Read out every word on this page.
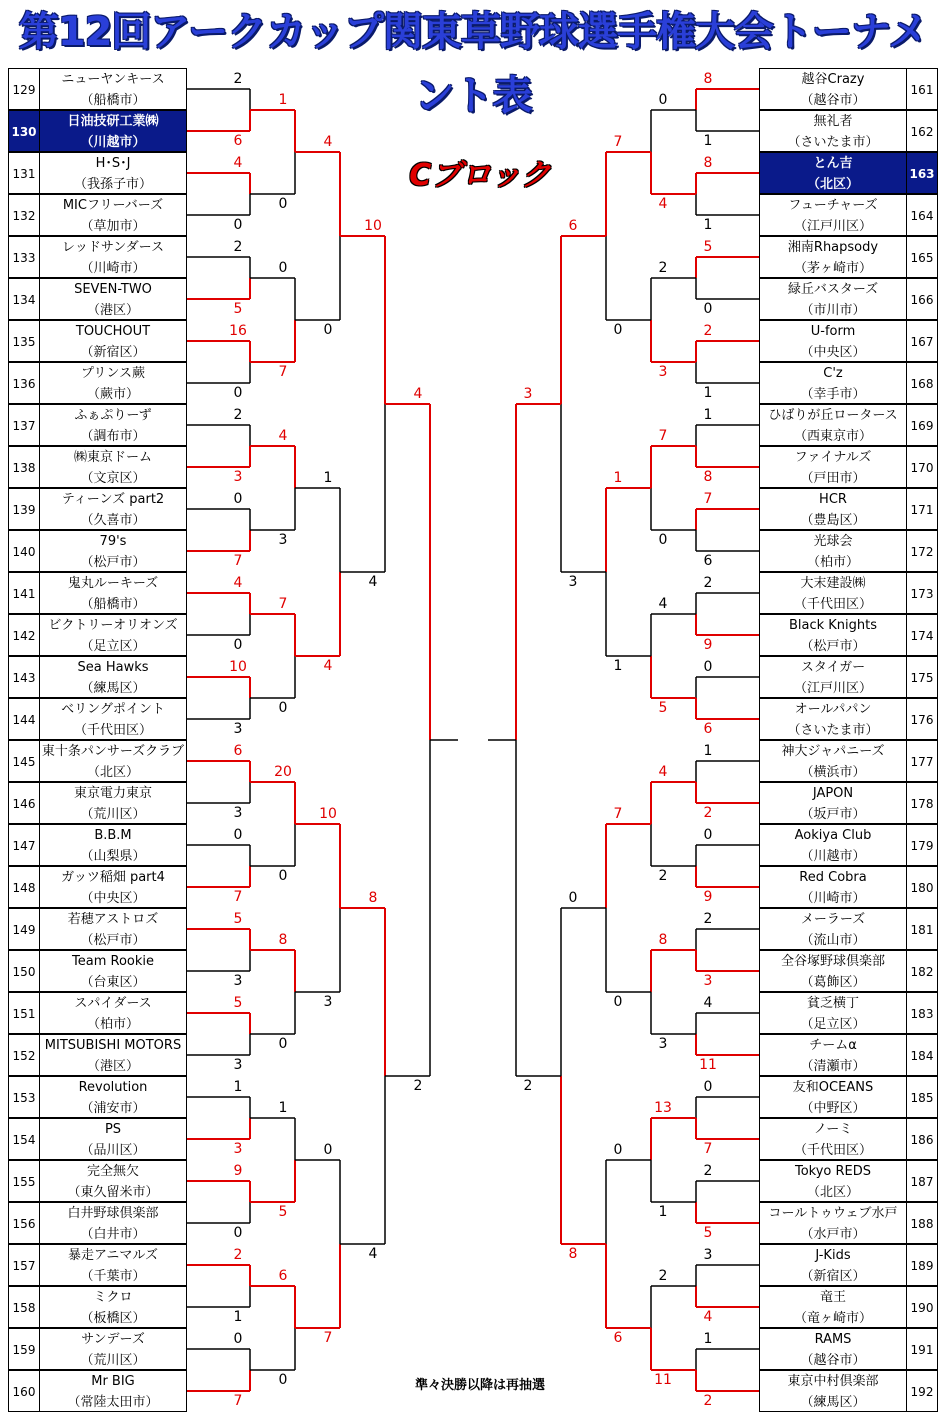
第12回アークカップ関東草野球選手権大会トーナメント表
Cブロック
ニューヤンキース
（船橋市）
129
日油技研工業㈱
（川越市）
130
H･S･J
（我孫子市）
131
MICフリーバーズ
（草加市）
132
レッドサンダース
（川崎市）
133
SEVEN-TWO
（港区）
134
TOUCHOUT
（新宿区）
135
プリンス蕨
（蕨市）
136
ふぁぷりーず
（調布市）
137
㈱東京ドーム
（文京区）
138
ティーンズ part2
（久喜市）
139
79's
（松戸市）
140
鬼丸ルーキーズ
（船橋市）
141
ビクトリーオリオンズ
（足立区）
142
Sea Hawks
（練馬区）
143
ベリングポイント
（千代田区）
144
東十条パンサーズクラブ
（北区）
145
東京電力東京
（荒川区）
146
B.B.M
（山梨県）
147
ガッツ稲畑 part4
（中央区）
148
若穂アストロズ
（松戸市）
149
Team Rookie
（台東区）
150
スパイダース
（柏市）
151
MITSUBISHI MOTORS
（港区）
152
Revolution
（浦安市）
153
PS
（品川区）
154
完全無欠
（東久留米市）
155
白井野球倶楽部
（白井市）
156
暴走アニマルズ
（千葉市）
157
ミクロ
（板橋区）
158
サンデーズ
（荒川区）
159
Mr BIG
（常陸太田市）
160
越谷Crazy
（越谷市）
161
無礼者
（さいたま市）
162
とん吉
（北区）
163
フューチャーズ
（江戸川区）
164
湘南Rhapsody
（茅ヶ崎市）
165
緑丘バスターズ
（市川市）
166
U-form
（中央区）
167
C'z
（幸手市）
168
ひばりが丘ロータース
（西東京市）
169
ファイナルズ
（戸田市）
170
HCR
（豊島区）
171
光球会
（柏市）
172
大末建設㈱
（千代田区）
173
Black Knights
（松戸市）
174
スタイガー
（江戸川区）
175
オールパパン
（さいたま市）
176
神大ジャパニーズ
（横浜市）
177
JAPON
（坂戸市）
178
Aokiya Club
（川越市）
179
Red Cobra
（川崎市）
180
メーラーズ
（流山市）
181
全谷塚野球倶楽部
（葛飾区）
182
貧乏横丁
（足立区）
183
チームα
（清瀬市）
184
友和OCEANS
（中野区）
185
ノーミ
（千代田区）
186
Tokyo REDS
（北区）
187
コールトゥウェブ水戸
（水戸市）
188
J-Kids
（新宿区）
189
竜王
（竜ヶ崎市）
190
RAMS
（越谷市）
191
東京中村倶楽部
（練馬区）
192
2
6
4
0
2
5
16
0
2
3
0
7
4
0
10
3
6
3
0
7
5
3
5
3
1
3
9
0
2
1
0
7
1
0
0
7
4
3
7
0
20
0
8
0
1
5
6
0
4
0
1
4
10
3
0
7
10
4
8
4
4
2
8
1
8
1
5
0
2
1
1
8
7
6
2
9
0
6
1
2
0
9
2
3
4
11
0
7
2
5
3
4
1
2
0
4
2
3
7
0
4
5
4
2
8
3
13
1
2
11
7
0
1
1
7
0
0
6
6
3
0
8
3
2
準々決勝以降は再抽選
